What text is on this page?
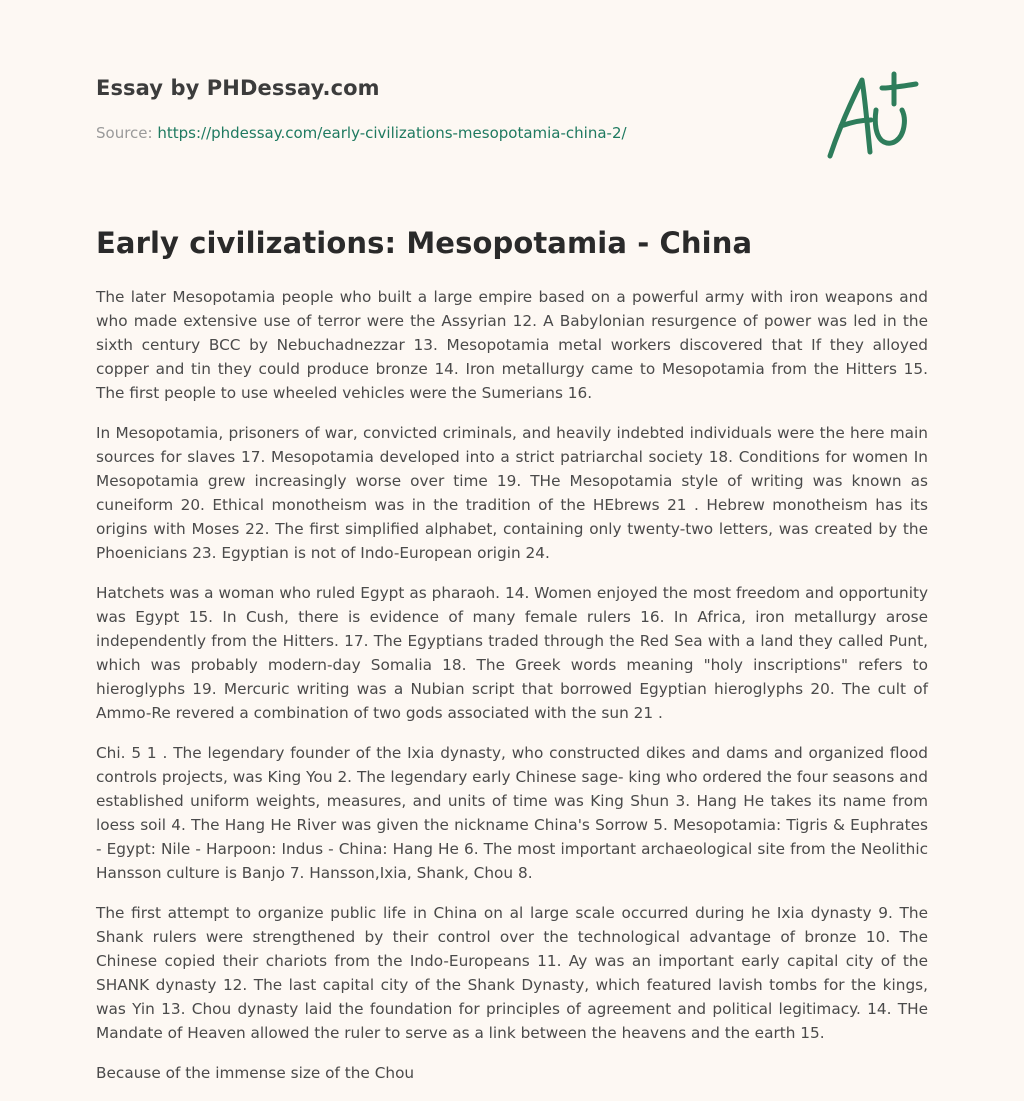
Essay by PHDessay.com
Source: https://phdessay.com/early-civilizations-mesopotamia-china-2/
Early civilizations: Mesopotamia - China

The later Mesopotamia people who built a large empire based on a powerful army with iron weapons and who made extensive use of terror were the Assyrian 12. A Babylonian resurgence of power was led in the sixth century BCC by Nebuchadnezzar 13. Mesopotamia metal workers discovered that If they alloyed copper and tin they could produce bronze 14. Iron metallurgy came to Mesopotamia from the Hitters 15. The first people to use wheeled vehicles were the Sumerians 16.

In Mesopotamia, prisoners of war, convicted criminals, and heavily indebted individuals were the here main sources for slaves 17. Mesopotamia developed into a strict patriarchal society 18. Conditions for women In Mesopotamia grew increasingly worse over time 19. THe Mesopotamia style of writing was known as cuneiform 20. Ethical monotheism was in the tradition of the HEbrews 21 . Hebrew monotheism has its origins with Moses 22. The first simplified alphabet, containing only twenty-two letters, was created by the Phoenicians 23. Egyptian is not of Indo-European origin 24.

Hatchets was a woman who ruled Egypt as pharaoh. 14. Women enjoyed the most freedom and opportunity was Egypt 15. In Cush, there is evidence of many female rulers 16. In Africa, iron metallurgy arose independently from the Hitters. 17. The Egyptians traded through the Red Sea with a land they called Punt, which was probably modern-day Somalia 18. The Greek words meaning "holy inscriptions" refers to hieroglyphs 19. Mercuric writing was a Nubian script that borrowed Egyptian hieroglyphs 20. The cult of Ammo-Re revered a combination of two gods associated with the sun 21 .

Chi. 5 1 . The legendary founder of the Ixia dynasty, who constructed dikes and dams and organized flood controls projects, was King You 2. The legendary early Chinese sage- king who ordered the four seasons and established uniform weights, measures, and units of time was King Shun 3. Hang He takes its name from loess soil 4. The Hang He River was given the nickname China's Sorrow 5. Mesopotamia: Tigris & Euphrates - Egypt: Nile - Harpoon: Indus - China: Hang He 6. The most important archaeological site from the Neolithic Hansson culture is Banjo 7. Hansson,Ixia, Shank, Chou 8.

The first attempt to organize public life in China on al large scale occurred during he Ixia dynasty 9. The Shank rulers were strengthened by their control over the technological advantage of bronze 10. The Chinese copied their chariots from the Indo-Europeans 11. Ay was an important early capital city of the SHANK dynasty 12. The last capital city of the Shank Dynasty, which featured lavish tombs for the kings, was Yin 13. Chou dynasty laid the foundation for principles of agreement and political legitimacy. 14. THe Mandate of Heaven allowed the ruler to serve as a link between the heavens and the earth 15.

Because of the immense size of the Chou
